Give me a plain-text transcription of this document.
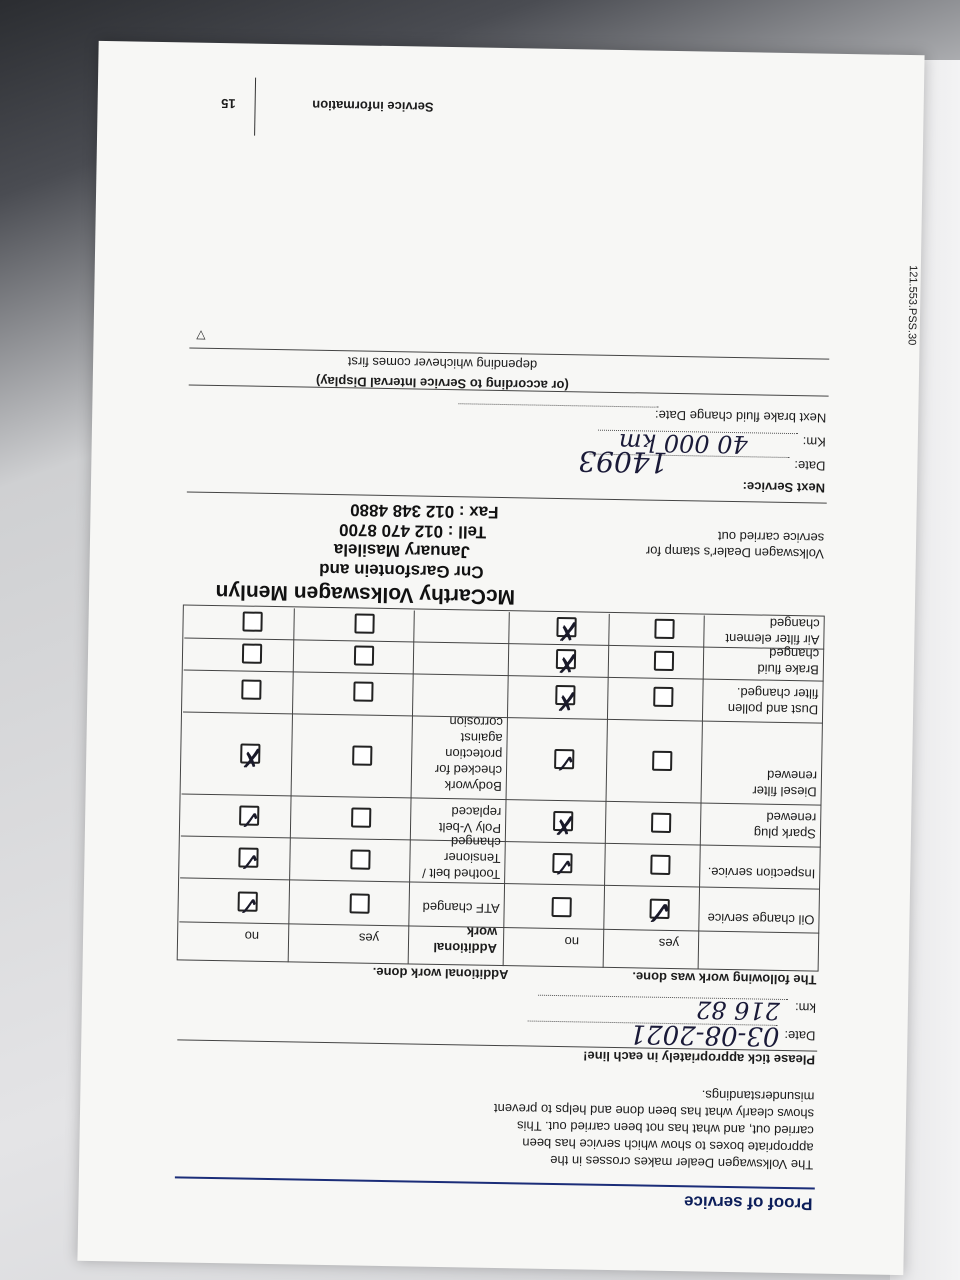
Proof of service
The Volkswagen Dealer makes crosses in the appropriate boxes to show which service has been carried out, and what has not been carried out. This shows clearly what has been done and helps to prevent misunderstandings.
121.553.PSS.30
Please tick appropriately in each line!
Date:
03-08-2021
km:
216 82
The following work was done.
Additional work done.
yes
no
Additional work
yes
no
Oil change service
✓
ATF changed
✓
Inspection service.
✓
Toothed belt / Tensioner changed
✓
Spark plug renewed
✗
Poly V-belt replaced
✓
Diesel filter renewed
✓
Bodywork checked for protection against corrosion
✗
Dust and pollen filter changed.
✗
Brake fluid changed
✗
Air filter element changed
✗
McCarthy Volkswagen Menlyn
Cnr Garsfontein and
January Masilela
Tell : 012 470 8700
Fax : 012 348 4880
Volkswagen Dealer's stamp for service carried out
Next Service:
Date:
14093
Km:
40 000 km
Next brake fluid change Date:
(or according to Service Interval Display)
depending whichever comes first
▽
Service information
15
